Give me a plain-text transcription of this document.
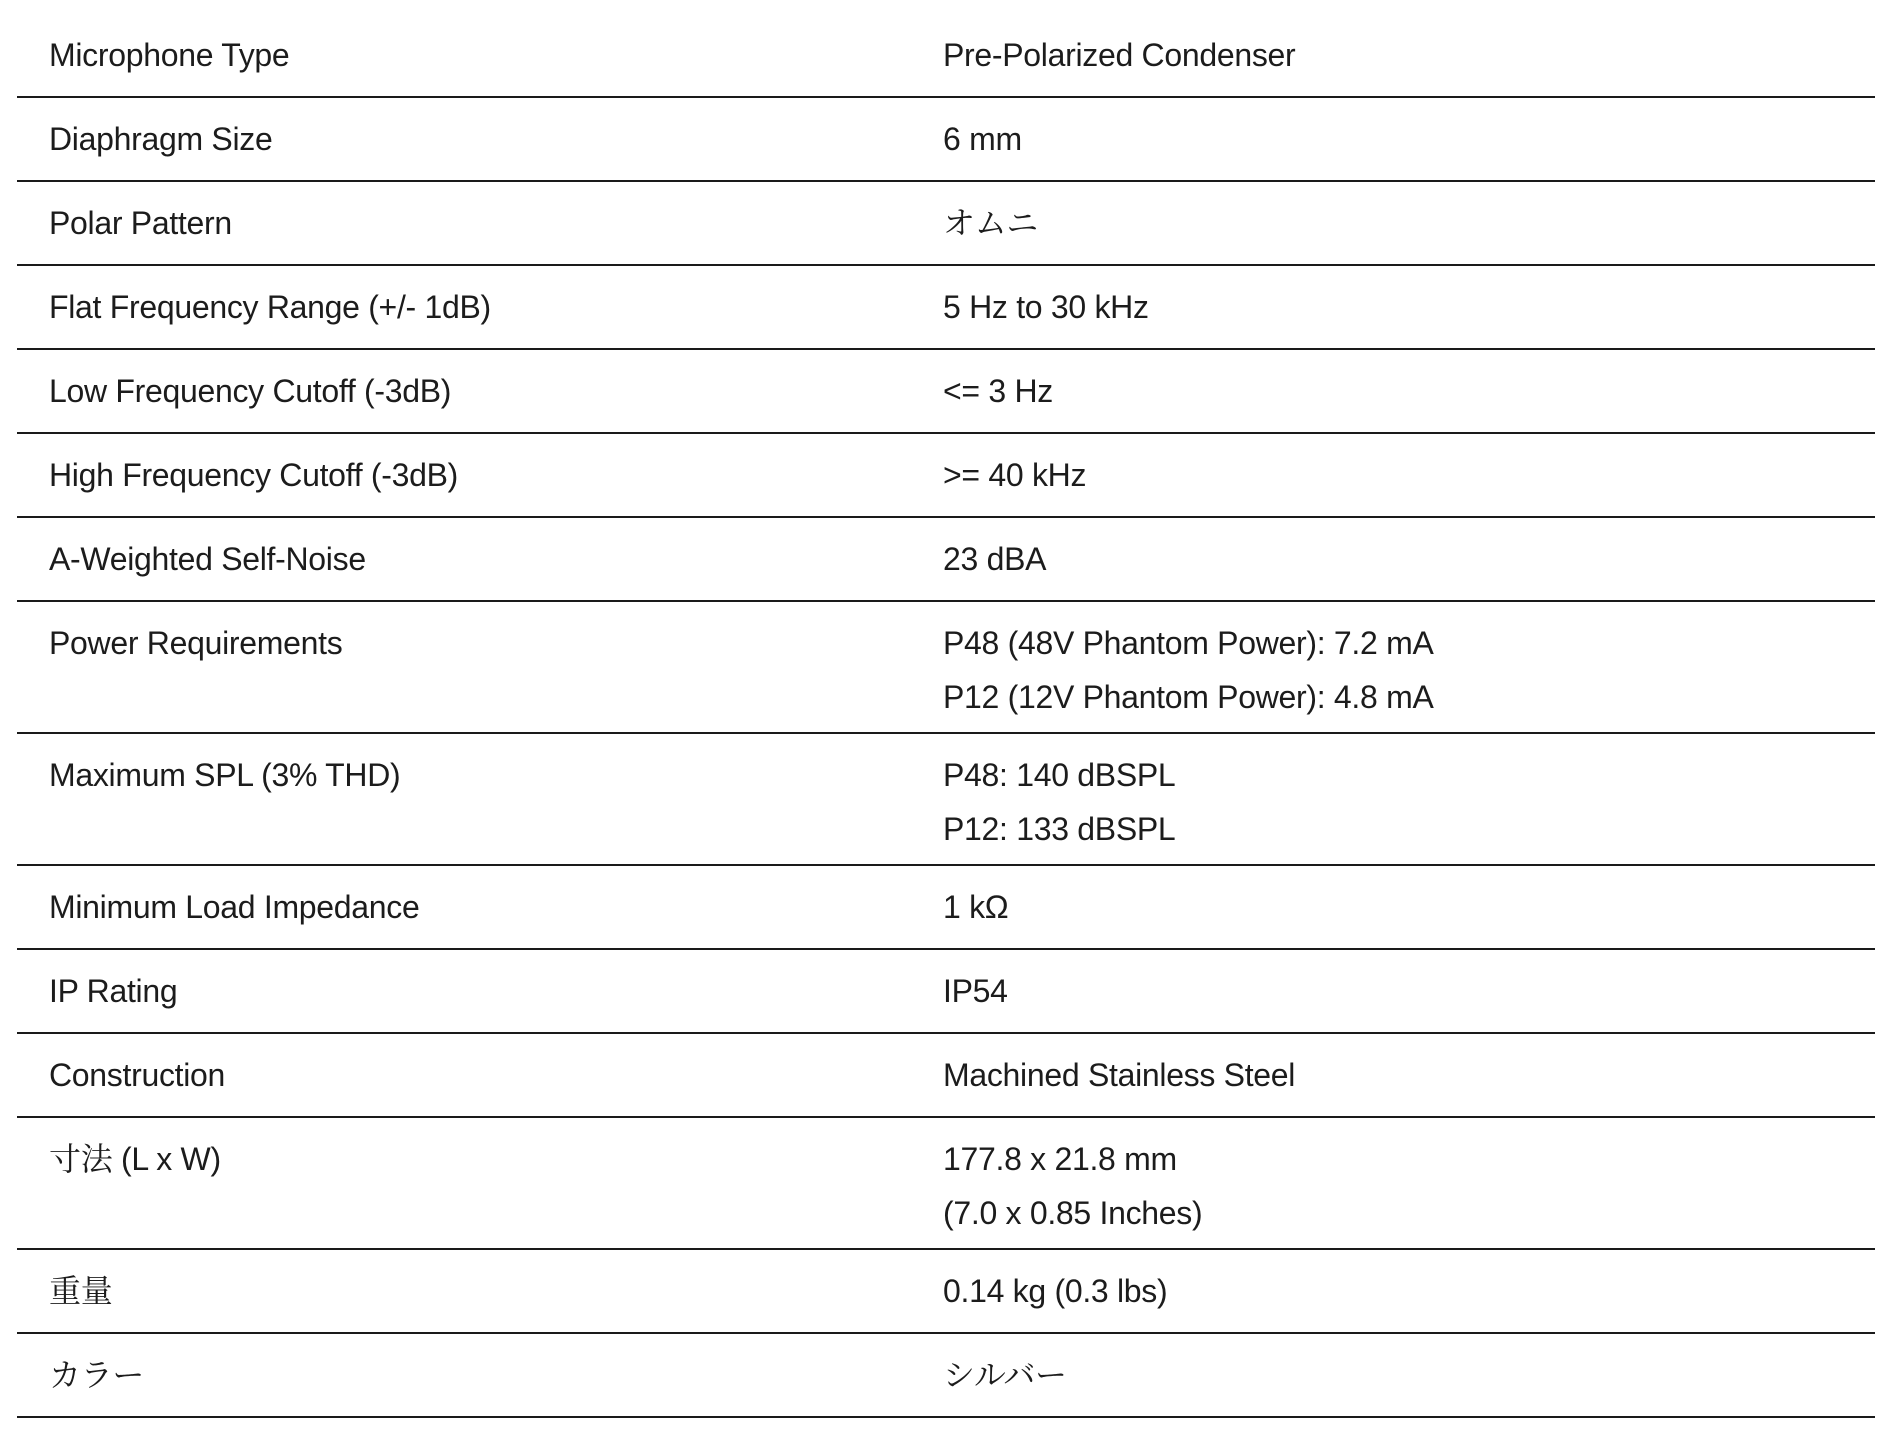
Microphone Type	Pre-Polarized Condenser

Diaphragm Size	6 mm

Polar Pattern	オムニ

Flat Frequency Range (+/- 1dB)	5 Hz to 30 kHz

Low Frequency Cutoff (-3dB)	<= 3 Hz

High Frequency Cutoff (-3dB)	>= 40 kHz

A-Weighted Self-Noise	23 dBA

Power Requirements	P48 (48V Phantom Power): 7.2 mA
P12 (12V Phantom Power): 4.8 mA

Maximum SPL (3% THD)	P48: 140 dBSPL
P12: 133 dBSPL

Minimum Load Impedance	1 kΩ

IP Rating	IP54

Construction	Machined Stainless Steel

寸法 (L x W)	177.8 x 21.8 mm
(7.0 x 0.85 Inches)

重量	0.14 kg (0.3 lbs)

カラー	シルバー
